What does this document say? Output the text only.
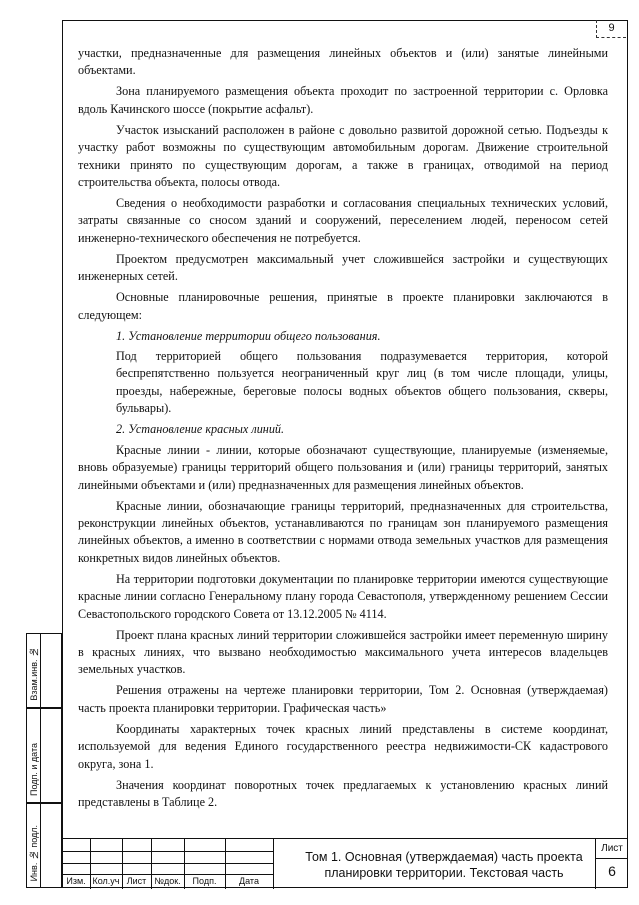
9

участки, предназначенные для размещения линейных объектов и (или) занятые линейными объектами.

Зона планируемого размещения объекта проходит по застроенной территории с. Орловка вдоль Качинского шоссе (покрытие асфальт).

Участок изысканий расположен в районе с довольно развитой дорожной сетью. Подъезды к участку работ возможны по существующим автомобильным дорогам. Движение строительной техники принято по существующим дорогам, а также в границах, отводимой на период строительства объекта, полосы отвода.

Сведения о необходимости разработки и согласования специальных технических условий, затраты связанные со сносом зданий и сооружений, переселением людей, переносом сетей инженерно-технического обеспечения не потребуется.

Проектом предусмотрен максимальный учет сложившейся застройки и существующих инженерных сетей.

Основные планировочные решения, принятые в проекте планировки заключаются в следующем:

1. Установление территории общего пользования.

Под территорией общего пользования подразумевается территория, которой беспрепятственно пользуется неограниченный круг лиц (в том числе площади, улицы, проезды, набережные, береговые полосы водных объектов общего пользования, скверы, бульвары).

2. Установление красных линий.

Красные линии - линии, которые обозначают существующие, планируемые (изменяемые, вновь образуемые) границы территорий общего пользования и (или) границы территорий, занятых линейными объектами и (или) предназначенных для размещения линейных объектов.

Красные линии, обозначающие границы территорий, предназначенных для строительства, реконструкции линейных объектов, устанавливаются по границам зон планируемого размещения линейных объектов, а именно в соответствии с нормами отвода земельных участков для размещения конкретных видов линейных объектов.

На территории подготовки документации по планировке территории имеются существующие красные линии согласно Генеральному плану города Севастополя, утвержденному решением Сессии Севастопольского городского Совета от 13.12.2005 № 4114.

Проект плана красных линий территории сложившейся застройки имеет переменную ширину в красных линиях, что вызвано необходимостью максимального учета интересов владельцев земельных участков.

Решения отражены на чертеже планировки территории, Том 2. Основная (утверждаемая) часть проекта планировки территории. Графическая часть»

Координаты характерных точек красных линий представлены в системе координат, используемой для ведения Единого государственного реестра недвижимости-СК кадастрового округа, зона 1.

Значения координат поворотных точек предлагаемых к установлению красных линий представлены в Таблице 2.

Взам.инв. №
Подп. и дата
Инв. № подл.	Изм. Кол.уч Лист №док.	Подп.	Дата
Том 1. Основная (утверждаемая) часть проекта планировки территории. Текстовая часть
Лист
6
